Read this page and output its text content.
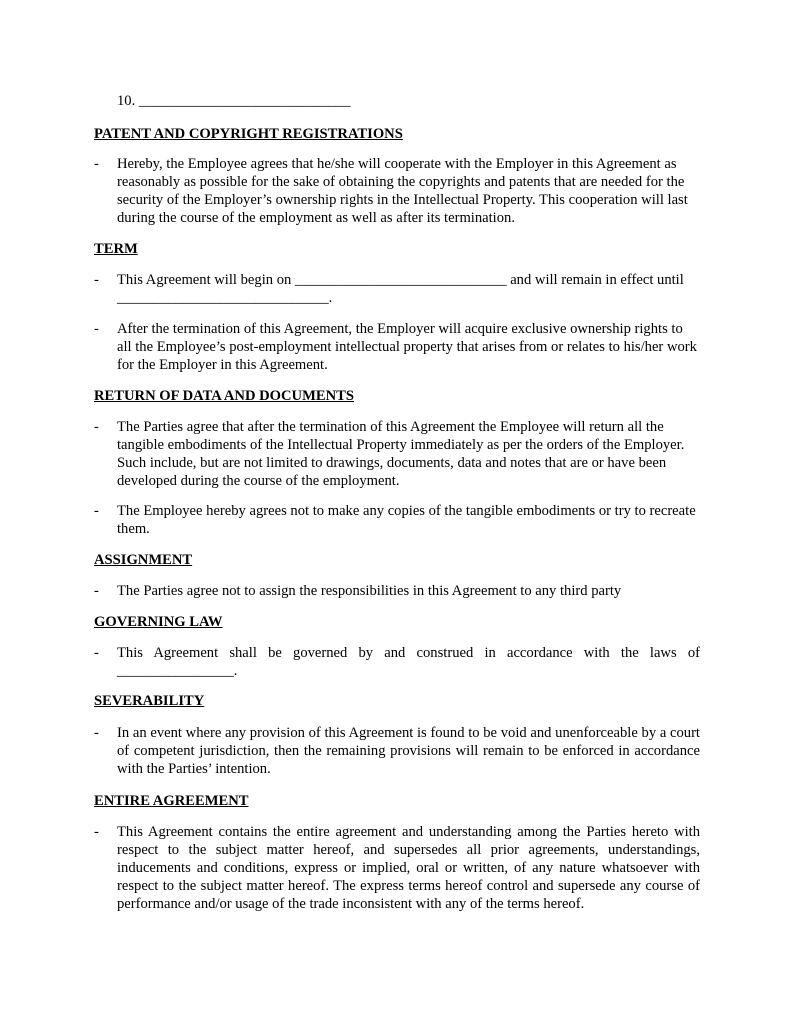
10. _____________________________
PATENT AND COPYRIGHT REGISTRATIONS
- Hereby, the Employee agrees that he/she will cooperate with the Employer in this Agreement as reasonably as possible for the sake of obtaining the copyrights and patents that are needed for the security of the Employer’s ownership rights in the Intellectual Property. This cooperation will last during the course of the employment as well as after its termination.
TERM
- This Agreement will begin on _____________________________ and will remain in effect until _____________________________.
- After the termination of this Agreement, the Employer will acquire exclusive ownership rights to all the Employee’s post-employment intellectual property that arises from or relates to his/her work for the Employer in this Agreement.
RETURN OF DATA AND DOCUMENTS
- The Parties agree that after the termination of this Agreement the Employee will return all the tangible embodiments of the Intellectual Property immediately as per the orders of the Employer. Such include, but are not limited to drawings, documents, data and notes that are or have been developed during the course of the employment.
- The Employee hereby agrees not to make any copies of the tangible embodiments or try to recreate them.
ASSIGNMENT
- The Parties agree not to assign the responsibilities in this Agreement to any third party
GOVERNING LAW
- This Agreement shall be governed by and construed in accordance with the laws of ________________.
SEVERABILITY
- In an event where any provision of this Agreement is found to be void and unenforceable by a court of competent jurisdiction, then the remaining provisions will remain to be enforced in accordance with the Parties’ intention.
ENTIRE AGREEMENT
- This Agreement contains the entire agreement and understanding among the Parties hereto with respect to the subject matter hereof, and supersedes all prior agreements, understandings, inducements and conditions, express or implied, oral or written, of any nature whatsoever with respect to the subject matter hereof. The express terms hereof control and supersede any course of performance and/or usage of the trade inconsistent with any of the terms hereof.
